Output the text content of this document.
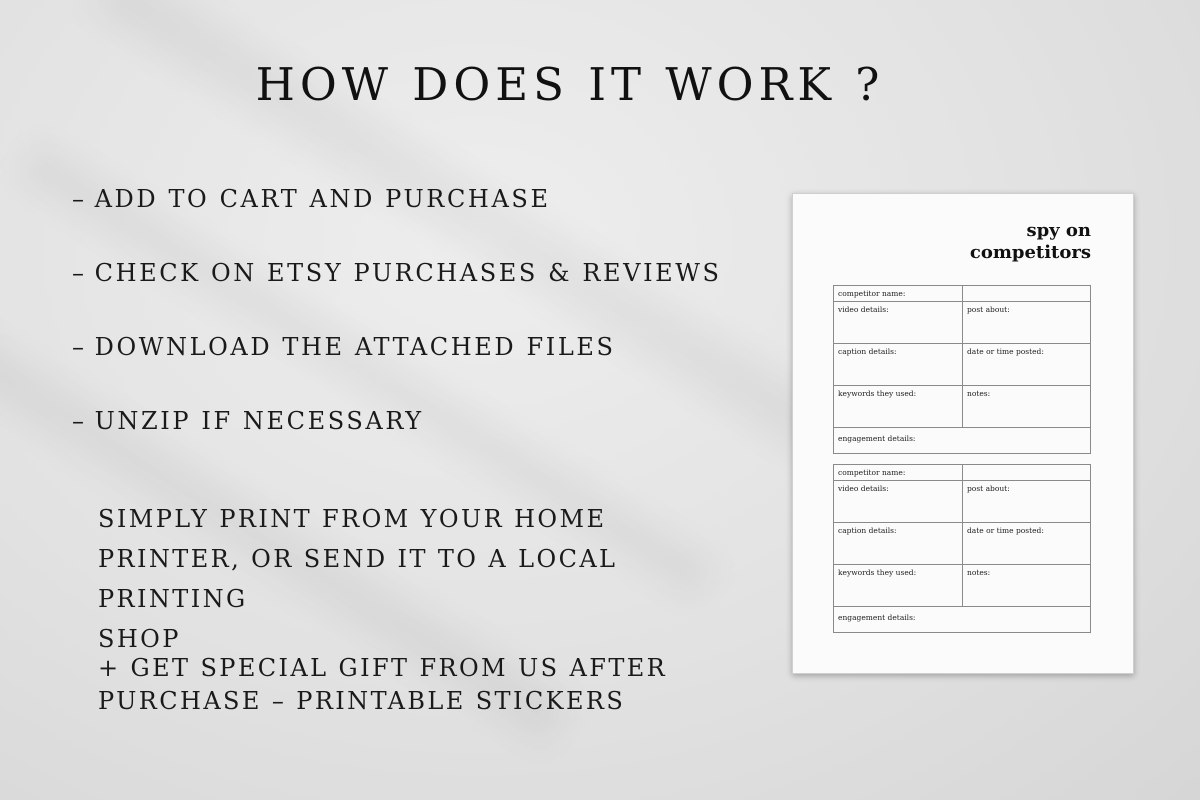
HOW DOES IT WORK ?
– ADD TO CART AND PURCHASE
– CHECK ON ETSY PURCHASES & REVIEWS
– DOWNLOAD THE ATTACHED FILES
– UNZIP IF NECESSARY

SIMPLY PRINT FROM YOUR HOME
PRINTER, OR SEND IT TO A LOCAL PRINTING
SHOP

+ GET SPECIAL GIFT FROM US AFTER
PURCHASE – PRINTABLE STICKERS

spy on
competitors
competitor name:
video details:	post about:
caption details:	date or time posted:
keywords they used:	notes:
engagement details:
competitor name:
video details:	post about:
caption details:	date or time posted:
keywords they used:	notes:
engagement details:
